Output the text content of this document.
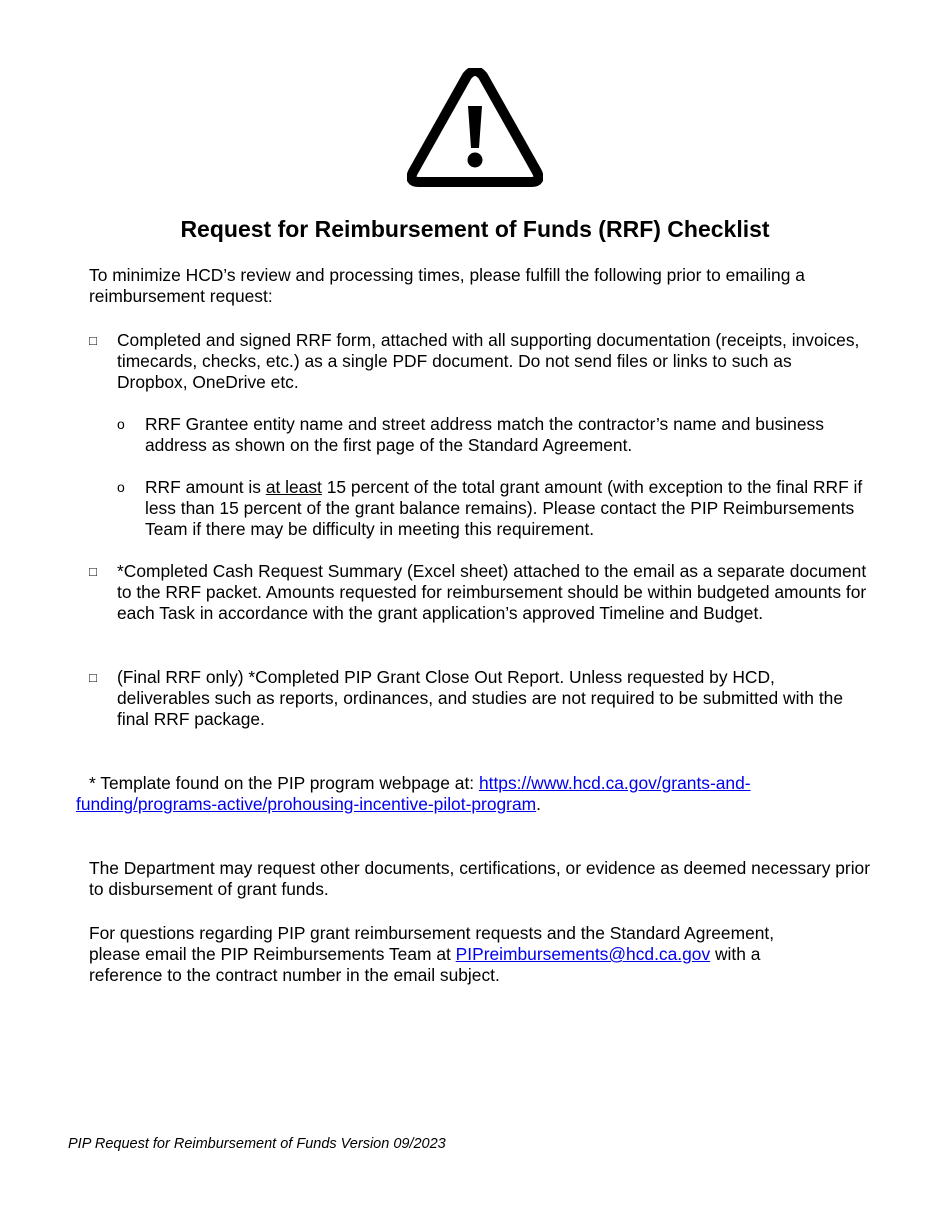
Request for Reimbursement of Funds (RRF) Checklist

To minimize HCD’s review and processing times, please fulfill the following prior to emailing a reimbursement request:

□ Completed and signed RRF form, attached with all supporting documentation (receipts, invoices, timecards, checks, etc.) as a single PDF document. Do not send files or links to such as Dropbox, OneDrive etc.
o RRF Grantee entity name and street address match the contractor’s name and business address as shown on the first page of the Standard Agreement.
o RRF amount is at least 15 percent of the total grant amount (with exception to the final RRF if less than 15 percent of the grant balance remains). Please contact the PIP Reimbursements Team if there may be difficulty in meeting this requirement.
□ *Completed Cash Request Summary (Excel sheet) attached to the email as a separate document to the RRF packet. Amounts requested for reimbursement should be within budgeted amounts for each Task in accordance with the grant application’s approved Timeline and Budget.
□ (Final RRF only) *Completed PIP Grant Close Out Report. Unless requested by HCD, deliverables such as reports, ordinances, and studies are not required to be submitted with the final RRF package.

* Template found on the PIP program webpage at: https://www.hcd.ca.gov/grants-and-funding/programs-active/prohousing-incentive-pilot-program.

The Department may request other documents, certifications, or evidence as deemed necessary prior to disbursement of grant funds.

For questions regarding PIP grant reimbursement requests and the Standard Agreement, please email the PIP Reimbursements Team at PIPreimbursements@hcd.ca.gov with a reference to the contract number in the email subject.

PIP Request for Reimbursement of Funds Version 09/2023
